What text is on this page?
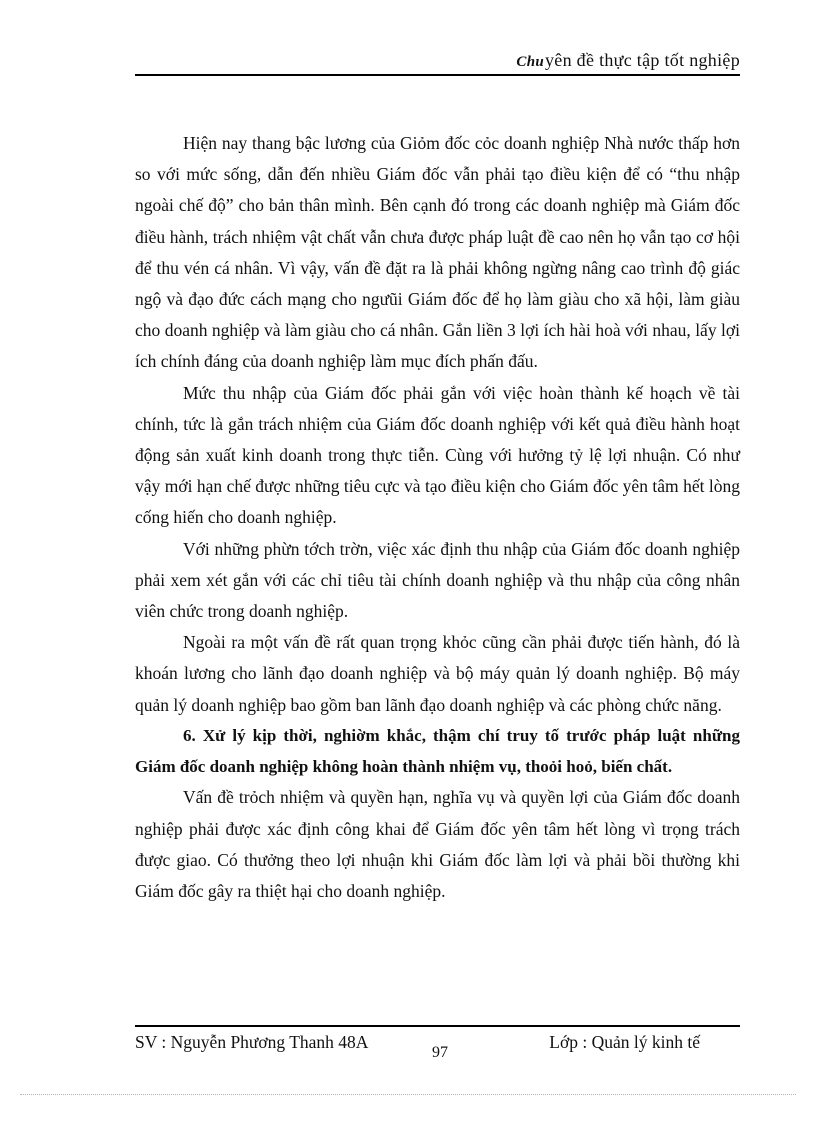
Chuyên đề thực tập tốt nghiệp

Hiện nay thang bậc lương của Giỏm đốc cỏc doanh nghiệp Nhà nước thấp hơn so với mức sống, dẫn đến nhiều Giám đốc vẫn phải tạo điều kiện để có “thu nhập ngoài chế độ” cho bản thân mình. Bên cạnh đó trong các doanh nghiệp mà Giám đốc điều hành, trách nhiệm vật chất vẫn chưa được pháp luật đề cao nên họ vẫn tạo cơ hội để thu vén cá nhân. Vì vậy, vấn đề đặt ra là phải không ngừng nâng cao trình độ giác ngộ và đạo đức cách mạng cho ngưũi Giám đốc để họ làm giàu cho xã hội, làm giàu cho doanh nghiệp và làm giàu cho cá nhân. Gắn liền 3 lợi ích hài hoà với nhau, lấy lợi ích chính đáng của doanh nghiệp làm mục đích phấn đấu.

Mức thu nhập của Giám đốc phải gắn với việc hoàn thành kế hoạch về tài chính, tức là gắn trách nhiệm của Giám đốc doanh nghiệp với kết quả điều hành hoạt động sản xuất kinh doanh trong thực tiễn. Cùng với hưởng tỷ lệ lợi nhuận. Có như vậy mới hạn chế được những tiêu cực và tạo điều kiện cho Giám đốc yên tâm hết lòng cống hiến cho doanh nghiệp.

Với những phừn tớch trờn, việc xác định thu nhập của Giám đốc doanh nghiệp phải xem xét gắn với các chỉ tiêu tài chính doanh nghiệp và thu nhập của công nhân viên chức trong doanh nghiệp.

Ngoài ra một vấn đề rất quan trọng khỏc cũng cần phải được tiến hành, đó là khoán lương cho lãnh đạo doanh nghiệp và bộ máy quản lý doanh nghiệp. Bộ máy quản lý doanh nghiệp bao gồm ban lãnh đạo doanh nghiệp và các phòng chức năng.

6. Xử lý kịp thời, nghiờm khắc, thậm chí truy tố trước pháp luật những Giám đốc doanh nghiệp không hoàn thành nhiệm vụ, thoỏi hoỏ, biến chất.

Vấn đề trỏch nhiệm và quyền hạn, nghĩa vụ và quyền lợi của Giám đốc doanh nghiệp phải được xác định công khai để Giám đốc yên tâm hết lòng vì trọng trách được giao. Có thưởng theo lợi nhuận khi Giám đốc làm lợi và phải bồi thường khi Giám đốc gây ra thiệt hại cho doanh nghiệp.

SV : Nguyễn Phương Thanh 48A
97
Lớp : Quản lý kinh tế
